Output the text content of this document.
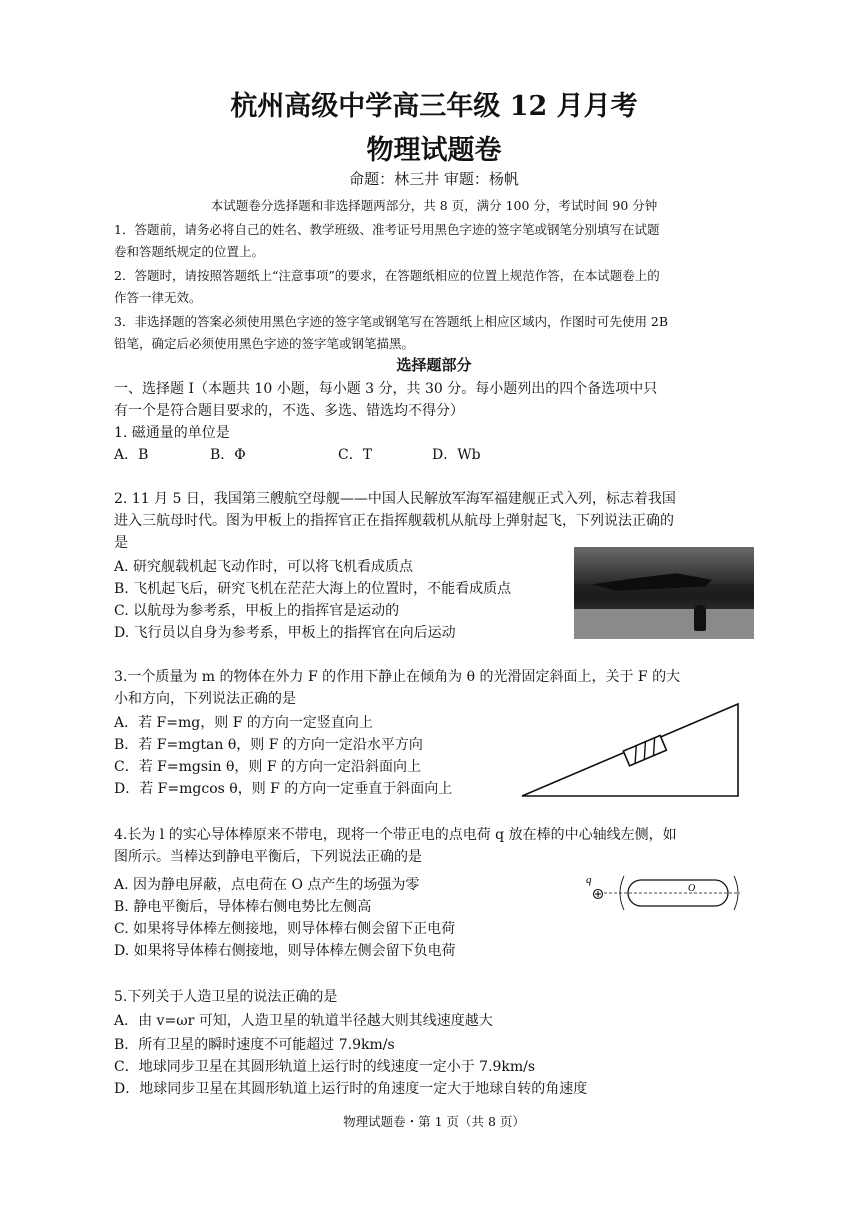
杭州高级中学高三年级 12 月月考
物理试题卷
命题：林三井 审题：杨帆
本试题卷分选择题和非选择题两部分，共 8 页，满分 100 分，考试时间 90 分钟
1．答题前，请务必将自己的姓名、教学班级、准考证号用黑色字迹的签字笔或钢笔分别填写在试题
卷和答题纸规定的位置上。
2．答题时，请按照答题纸上“注意事项”的要求，在答题纸相应的位置上规范作答，在本试题卷上的
作答一律无效。
3．非选择题的答案必须使用黑色字迹的签字笔或钢笔写在答题纸上相应区域内，作图时可先使用 2B
铅笔，确定后必须使用黑色字迹的签字笔或钢笔描黑。
选择题部分
一、选择题 Ⅰ（本题共 10 小题，每小题 3 分，共 30 分。每小题列出的四个备选项中只
有一个是符合题目要求的，不选、多选、错选均不得分）
1. 磁通量的单位是
A．B	B．Φ	C．T	D．Wb
2. 11 月 5 日，我国第三艘航空母舰——中国人民解放军海军福建舰正式入列，标志着我国
进入三航母时代。图为甲板上的指挥官正在指挥舰载机从航母上弹射起飞，下列说法正确的
是
A. 研究舰载机起飞动作时，可以将飞机看成质点
B. 飞机起飞后，研究飞机在茫茫大海上的位置时，不能看成质点
C. 以航母为参考系，甲板上的指挥官是运动的
D. 飞行员以自身为参考系，甲板上的指挥官在向后运动
3.一个质量为 m 的物体在外力 F 的作用下静止在倾角为 θ 的光滑固定斜面上，关于 F 的大
小和方向，下列说法正确的是
A．若 F=mg，则 F 的方向一定竖直向上
B．若 F=mgtan θ，则 F 的方向一定沿水平方向
C．若 F=mgsin θ，则 F 的方向一定沿斜面向上
D．若 F=mgcos θ，则 F 的方向一定垂直于斜面向上
4.长为 l 的实心导体棒原来不带电，现将一个带正电的点电荷 q 放在棒的中心轴线左侧，如
图所示。当棒达到静电平衡后，下列说法正确的是
q
O
A. 因为静电屏蔽，点电荷在 O 点产生的场强为零
B. 静电平衡后，导体棒右侧电势比左侧高
C. 如果将导体棒左侧接地，则导体棒右侧会留下正电荷
D. 如果将导体棒右侧接地，则导体棒左侧会留下负电荷
5.下列关于人造卫星的说法正确的是
A．由 v=ωr 可知，人造卫星的轨道半径越大则其线速度越大
B．所有卫星的瞬时速度不可能超过 7.9km/s
C．地球同步卫星在其圆形轨道上运行时的线速度一定小于 7.9km/s
D．地球同步卫星在其圆形轨道上运行时的角速度一定大于地球自转的角速度
物理试题卷・第 1 页（共 8 页）
